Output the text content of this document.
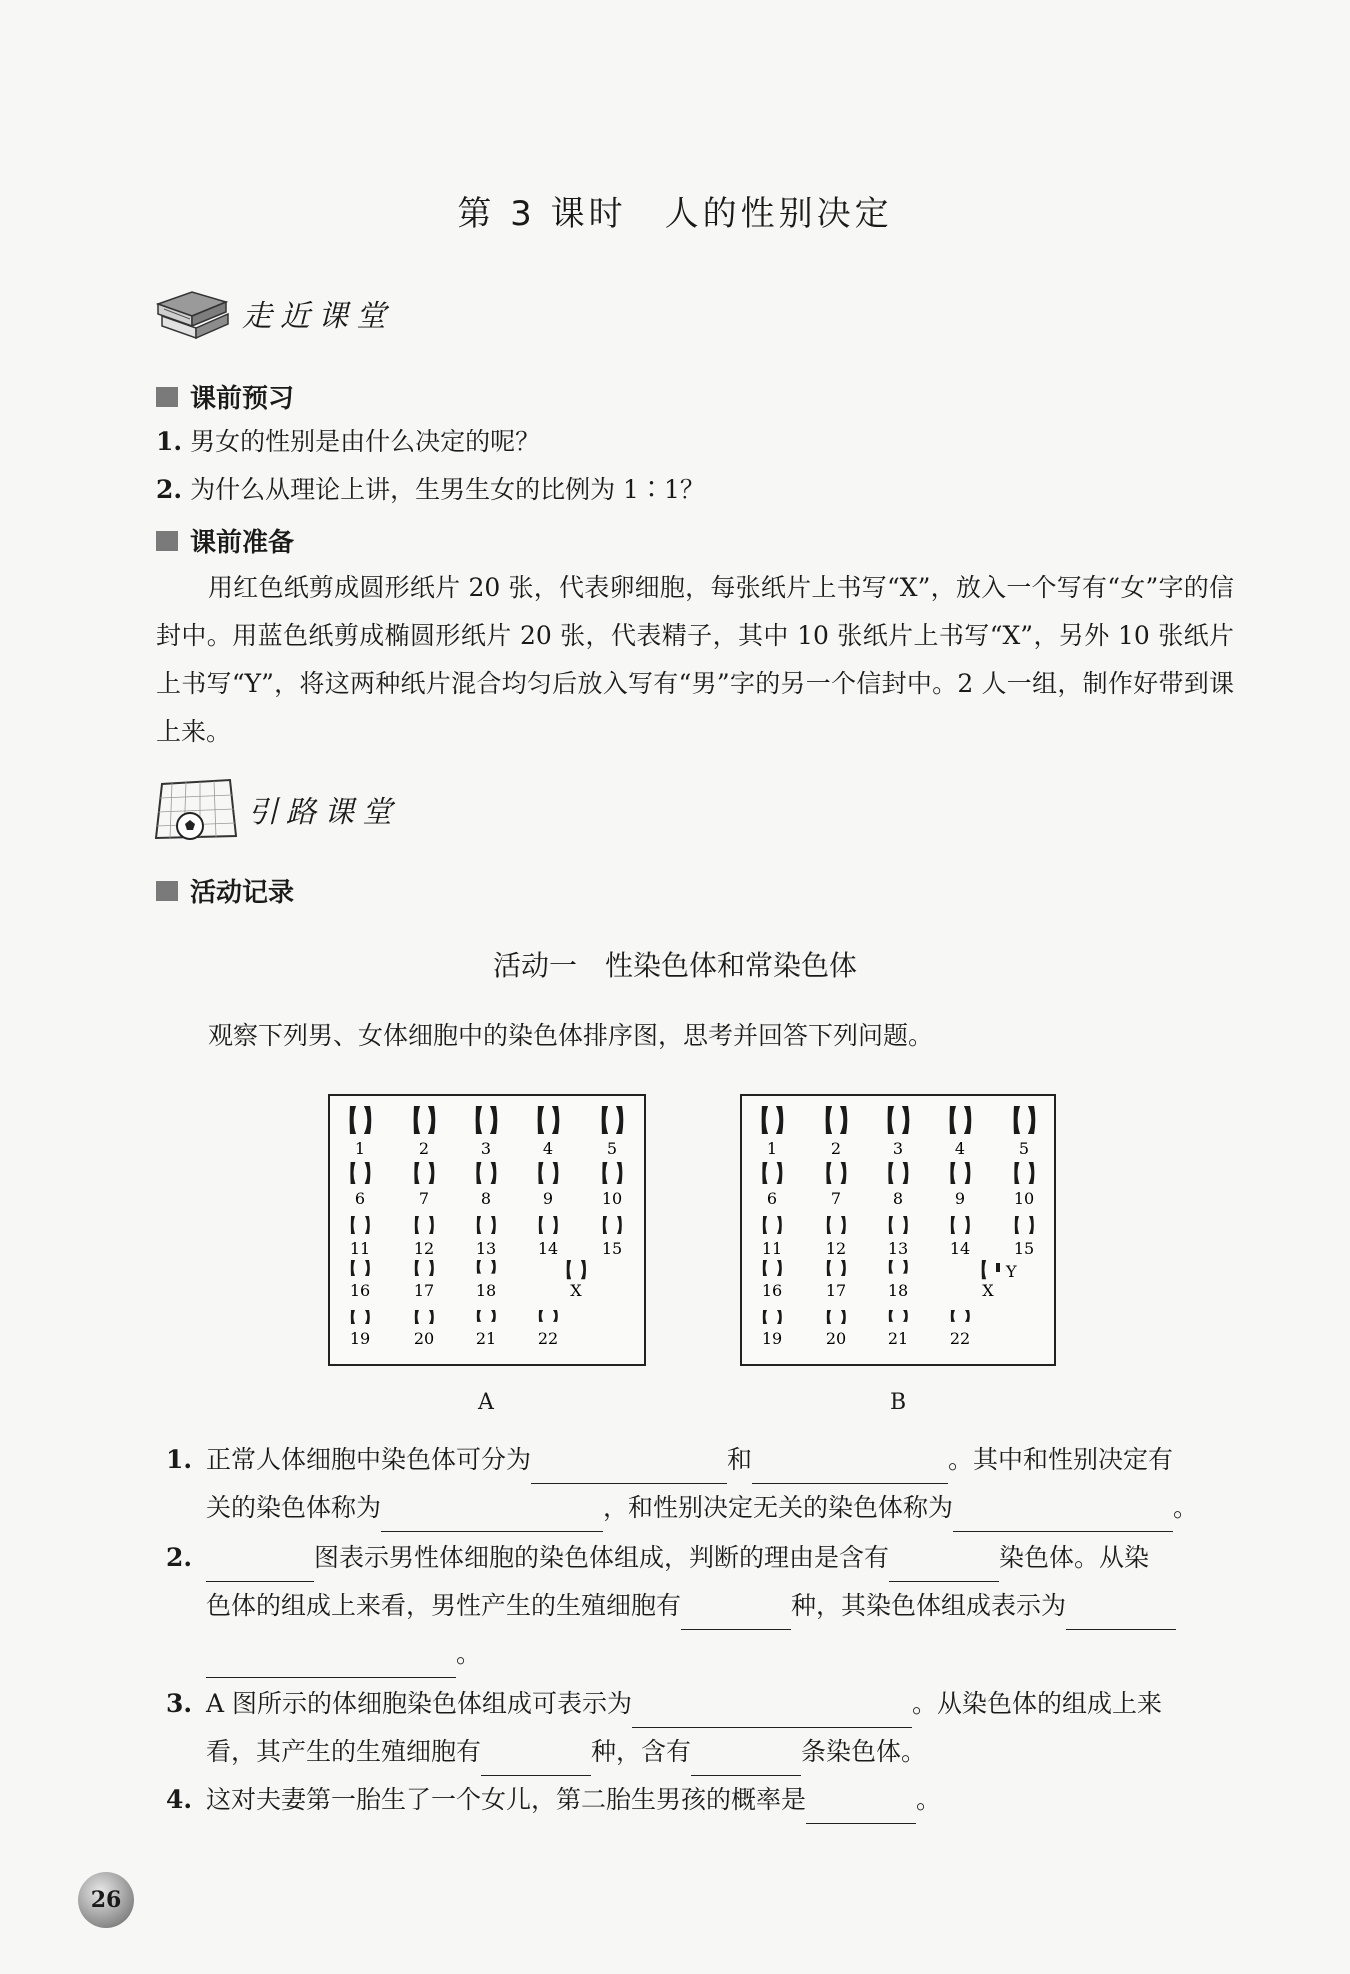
第 3 课时　人的性别决定
走近课堂
课前预习
1. 男女的性别是由什么决定的呢？
2. 为什么从理论上讲，生男生女的比例为 1∶1？
课前准备
用红色纸剪成圆形纸片 20 张，代表卵细胞，每张纸片上书写“X”，放入一个写有“女”字的信封中。用蓝色纸剪成椭圆形纸片 20 张，代表精子，其中 10 张纸片上书写“X”，另外 10 张纸片上书写“Y”，将这两种纸片混合均匀后放入写有“男”字的另一个信封中。2 人一组，制作好带到课上来。
引路课堂
活动记录
活动一　性染色体和常染色体
观察下列男、女体细胞中的染色体排序图，思考并回答下列问题。
1	2	3	4	5
6	7	8	9	10
11	12	13	14	15
16	17	18	X
19	20	21	22
A
1	2	3	4	5
6	7	8	9	10
11	12	13	14	15
16	17	18
Y
X
19	20	21	22
B
1. 正常人体细胞中染色体可分为	和	。其中和性别决定有
关的染色体称为	，和性别决定无关的染色体称为	。
2.	图表示男性体细胞的染色体组成，判断的理由是含有	染色体。从染
色体的组成上来看，男性产生的生殖细胞有	种，其染色体组成表示为
。
3. A 图所示的体细胞染色体组成可表示为	。从染色体的组成上来
看，其产生的生殖细胞有	种，含有	条染色体。
4. 这对夫妻第一胎生了一个女儿，第二胎生男孩的概率是	。
26
